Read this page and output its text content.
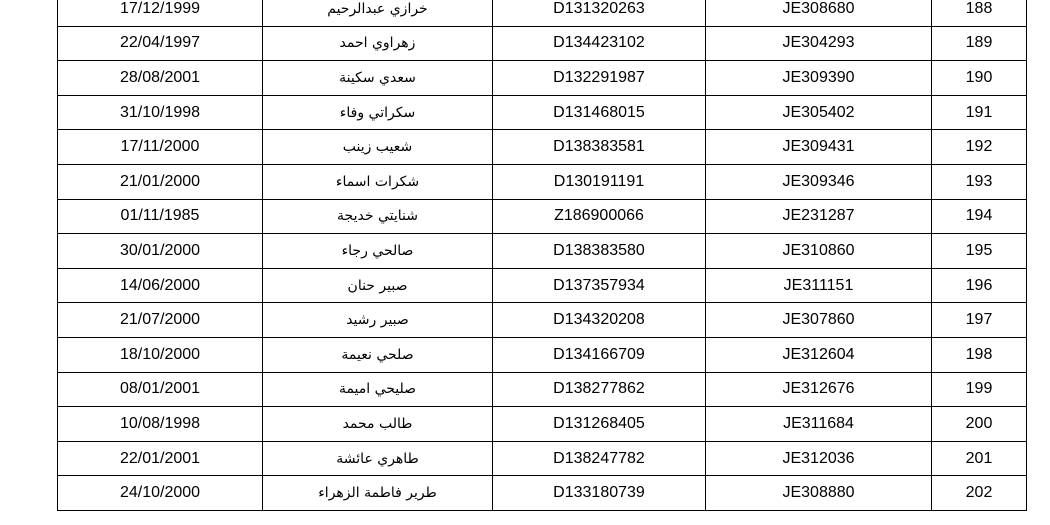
17/12/1999	خرازي عبدالرحيم	D131320263	JE308680	188
22/04/1997	زهراوي احمد	D134423102	JE304293	189
28/08/2001	سعدي سكينة	D132291987	JE309390	190
31/10/1998	سكراتي وفاء	D131468015	JE305402	191
17/11/2000	شعيب زينب	D138383581	JE309431	192
21/01/2000	شكرات اسماء	D130191191	JE309346	193
01/11/1985	شنايتي خديجة	Z186900066	JE231287	194
30/01/2000	صالحي رجاء	D138383580	JE310860	195
14/06/2000	صبير حنان	D137357934	JE311151	196
21/07/2000	صبير رشيد	D134320208	JE307860	197
18/10/2000	صلحي نعيمة	D134166709	JE312604	198
08/01/2001	صليحي اميمة	D138277862	JE312676	199
10/08/1998	طالب محمد	D131268405	JE311684	200
22/01/2001	طاهري عائشة	D138247782	JE312036	201
24/10/2000	طرير فاطمة الزهراء	D133180739	JE308880	202
